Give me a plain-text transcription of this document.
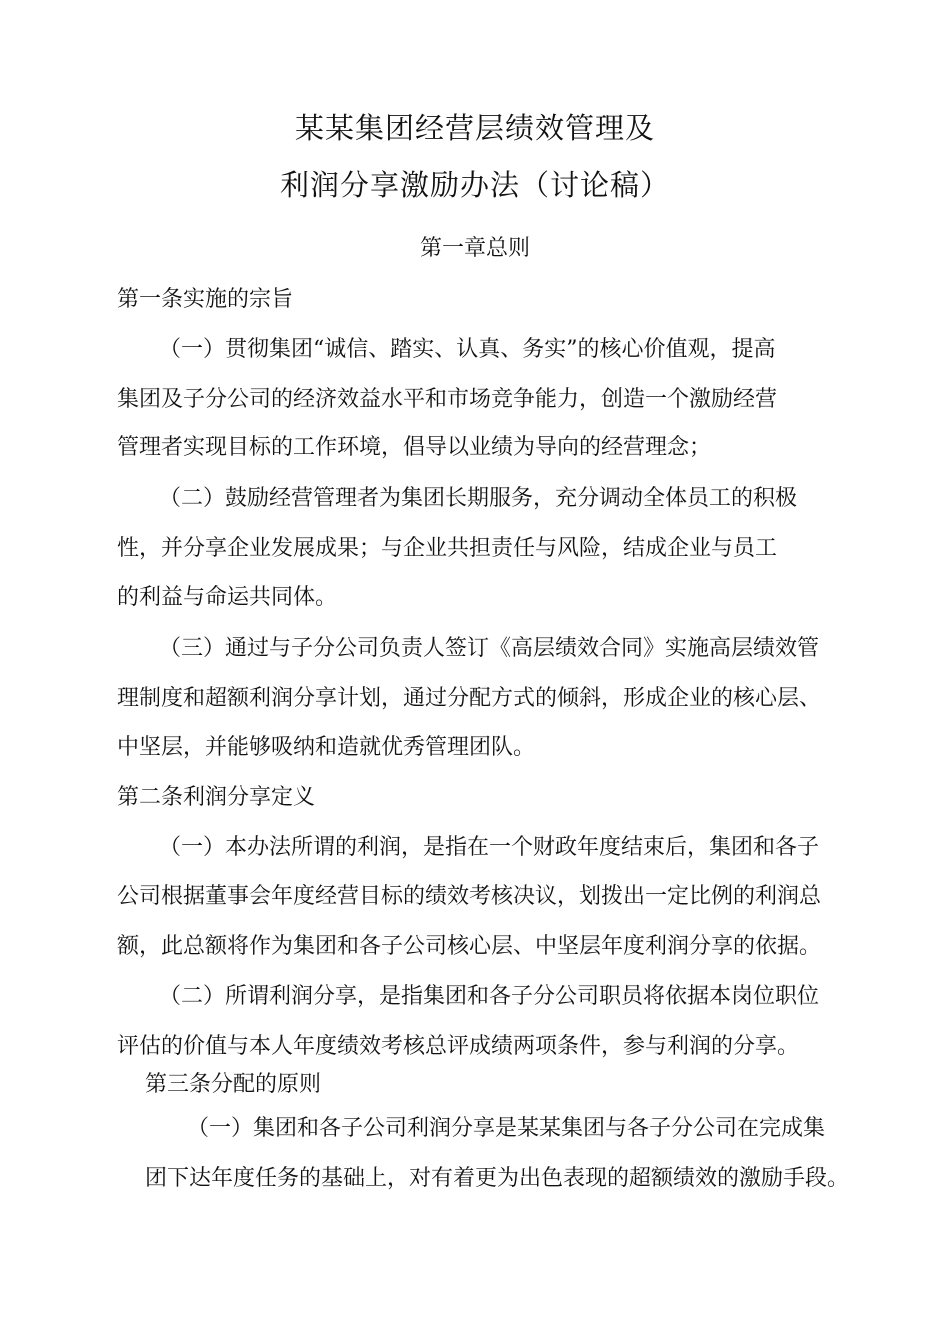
某某集团经营层绩效管理及
利润分享激励办法（讨论稿）
第一章总则
第一条实施的宗旨
（一）贯彻集团“诚信、踏实、认真、务实”的核心价值观，提高
集团及子分公司的经济效益水平和市场竞争能力，创造一个激励经营
管理者实现目标的工作环境，倡导以业绩为导向的经营理念；
（二）鼓励经营管理者为集团长期服务，充分调动全体员工的积极
性，并分享企业发展成果；与企业共担责任与风险，结成企业与员工
的利益与命运共同体。
（三）通过与子分公司负责人签订《高层绩效合同》实施高层绩效管
理制度和超额利润分享计划，通过分配方式的倾斜，形成企业的核心层、
中坚层，并能够吸纳和造就优秀管理团队。
第二条利润分享定义
（一）本办法所谓的利润，是指在一个财政年度结束后，集团和各子
公司根据董事会年度经营目标的绩效考核决议，划拨出一定比例的利润总
额，此总额将作为集团和各子公司核心层、中坚层年度利润分享的依据。
（二）所谓利润分享，是指集团和各子分公司职员将依据本岗位职位
评估的价值与本人年度绩效考核总评成绩两项条件，参与利润的分享。
第三条分配的原则
（一）集团和各子公司利润分享是某某集团与各子分公司在完成集
团下达年度任务的基础上，对有着更为出色表现的超额绩效的激励手段。
